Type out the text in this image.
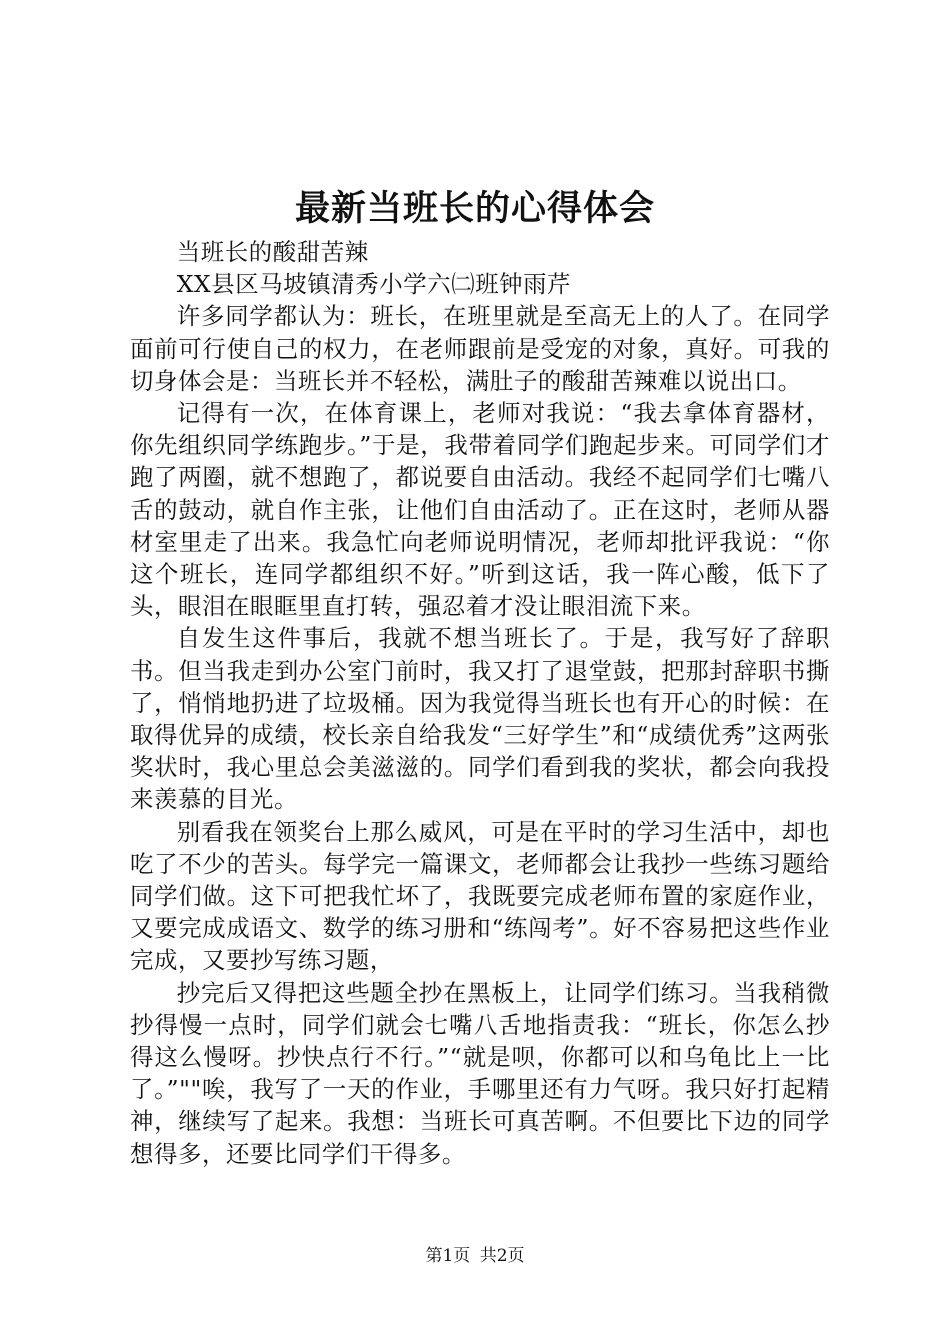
最新当班长的心得体会

当班长的酸甜苦辣

XX县区马坡镇清秀小学六㈡班钟雨芹

许多同学都认为：班长，在班里就是至高无上的人了。在同学面前可行使自己的权力，在老师跟前是受宠的对象，真好。可我的切身体会是：当班长并不轻松，满肚子的酸甜苦辣难以说出口。

记得有一次，在体育课上，老师对我说：“我去拿体育器材，你先组织同学练跑步。”于是，我带着同学们跑起步来。可同学们才跑了两圈，就不想跑了，都说要自由活动。我经不起同学们七嘴八舌的鼓动，就自作主张，让他们自由活动了。正在这时，老师从器材室里走了出来。我急忙向老师说明情况，老师却批评我说：“你这个班长，连同学都组织不好。”听到这话，我一阵心酸，低下了头，眼泪在眼眶里直打转，强忍着才没让眼泪流下来。

自发生这件事后，我就不想当班长了。于是，我写好了辞职书。但当我走到办公室门前时，我又打了退堂鼓，把那封辞职书撕了，悄悄地扔进了垃圾桶。因为我觉得当班长也有开心的时候：在取得优异的成绩，校长亲自给我发“三好学生”和“成绩优秀”这两张奖状时，我心里总会美滋滋的。同学们看到我的奖状，都会向我投来羡慕的目光。

别看我在领奖台上那么威风，可是在平时的学习生活中，却也吃了不少的苦头。每学完一篇课文，老师都会让我抄一些练习题给同学们做。这下可把我忙坏了，我既要完成老师布置的家庭作业，又要完成成语文、数学的练习册和“练闯考”。好不容易把这些作业完成，又要抄写练习题，

抄完后又得把这些题全抄在黑板上，让同学们练习。当我稍微抄得慢一点时，同学们就会七嘴八舌地指责我：“班长，你怎么抄得这么慢呀。抄快点行不行。”“就是呗，你都可以和乌龟比上一比了。”""唉，我写了一天的作业，手哪里还有力气呀。我只好打起精神，继续写了起来。我想：当班长可真苦啊。不但要比下边的同学想得多，还要比同学们干得多。

第1页 共2页
